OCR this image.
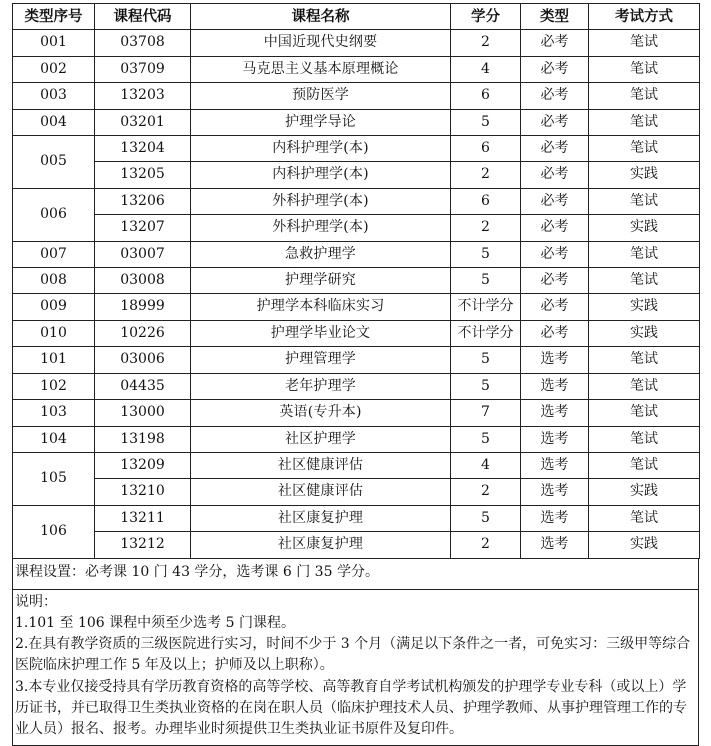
类型序号	课程代码	课程名称	学分	类型	考试方式
001	03708	中国近现代史纲要	2	必考	笔试
002	03709	马克思主义基本原理概论	4	必考	笔试
003	13203	预防医学	6	必考	笔试
004	03201	护理学导论	5	必考	笔试
005	13204	内科护理学(本)	6	必考	笔试
	13205	内科护理学(本)	2	必考	实践
006	13206	外科护理学(本)	6	必考	笔试
	13207	外科护理学(本)	2	必考	实践
007	03007	急救护理学	5	必考	笔试
008	03008	护理学研究	5	必考	笔试
009	18999	护理学本科临床实习	不计学分	必考	实践
010	10226	护理学毕业论文	不计学分	必考	实践
101	03006	护理管理学	5	选考	笔试
102	04435	老年护理学	5	选考	笔试
103	13000	英语(专升本)	7	选考	笔试
104	13198	社区护理学	5	选考	笔试
105	13209	社区健康评估	4	选考	笔试
	13210	社区健康评估	2	选考	实践
106	13211	社区康复护理	5	选考	笔试
	13212	社区康复护理	2	选考	实践
课程设置：必考课 10 门 43 学分，选考课 6 门 35 学分。

说明：

1.101 至 106 课程中须至少选考 5 门课程。

2.在具有教学资质的三级医院进行实习，时间不少于 3 个月（满足以下条件之一者，可免实习：三级甲等综合医院临床护理工作 5 年及以上；护师及以上职称）。

3.本专业仅接受持具有学历教育资格的高等学校、高等教育自学考试机构颁发的护理学专业专科（或以上）学历证书，并已取得卫生类执业资格的在岗在职人员（临床护理技术人员、护理学教师、从事护理管理工作的专业人员）报名、报考。办理毕业时须提供卫生类执业证书原件及复印件。
